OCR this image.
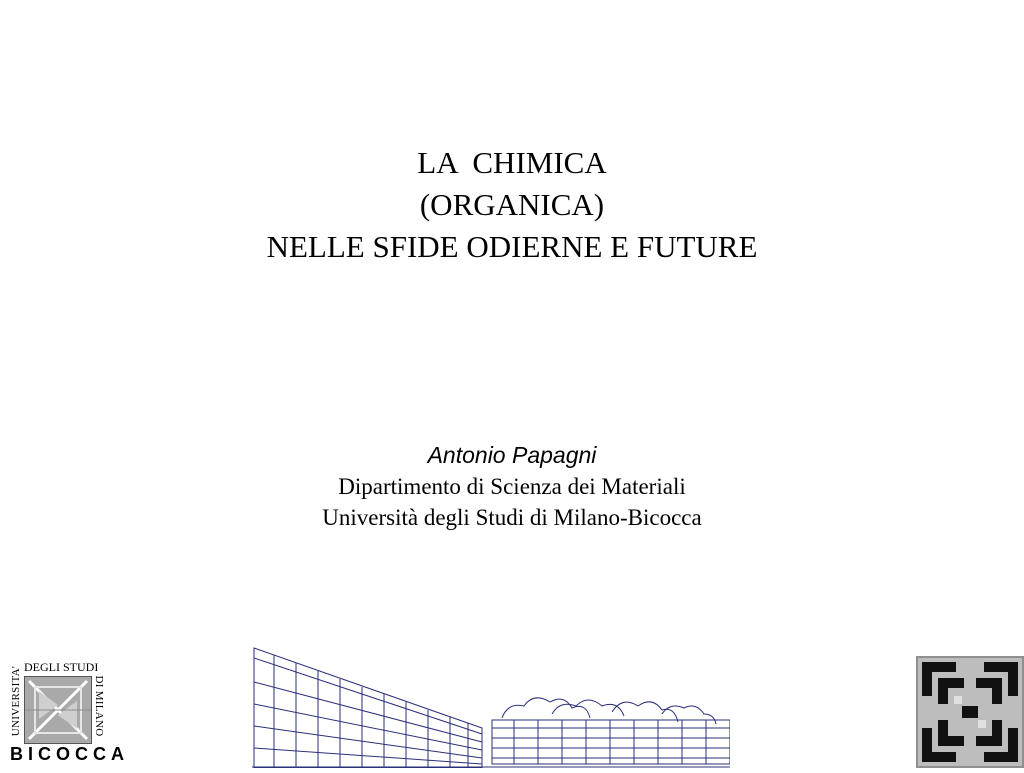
LA  CHIMICA
(ORGANICA)
NELLE SFIDE ODIERNE E FUTURE
Antonio Papagni
Dipartimento di Scienza dei Materiali
Università degli Studi di Milano-Bicocca
UNIVERSITA' DEGLI STUDI
DI MILANO
BICOCCA
